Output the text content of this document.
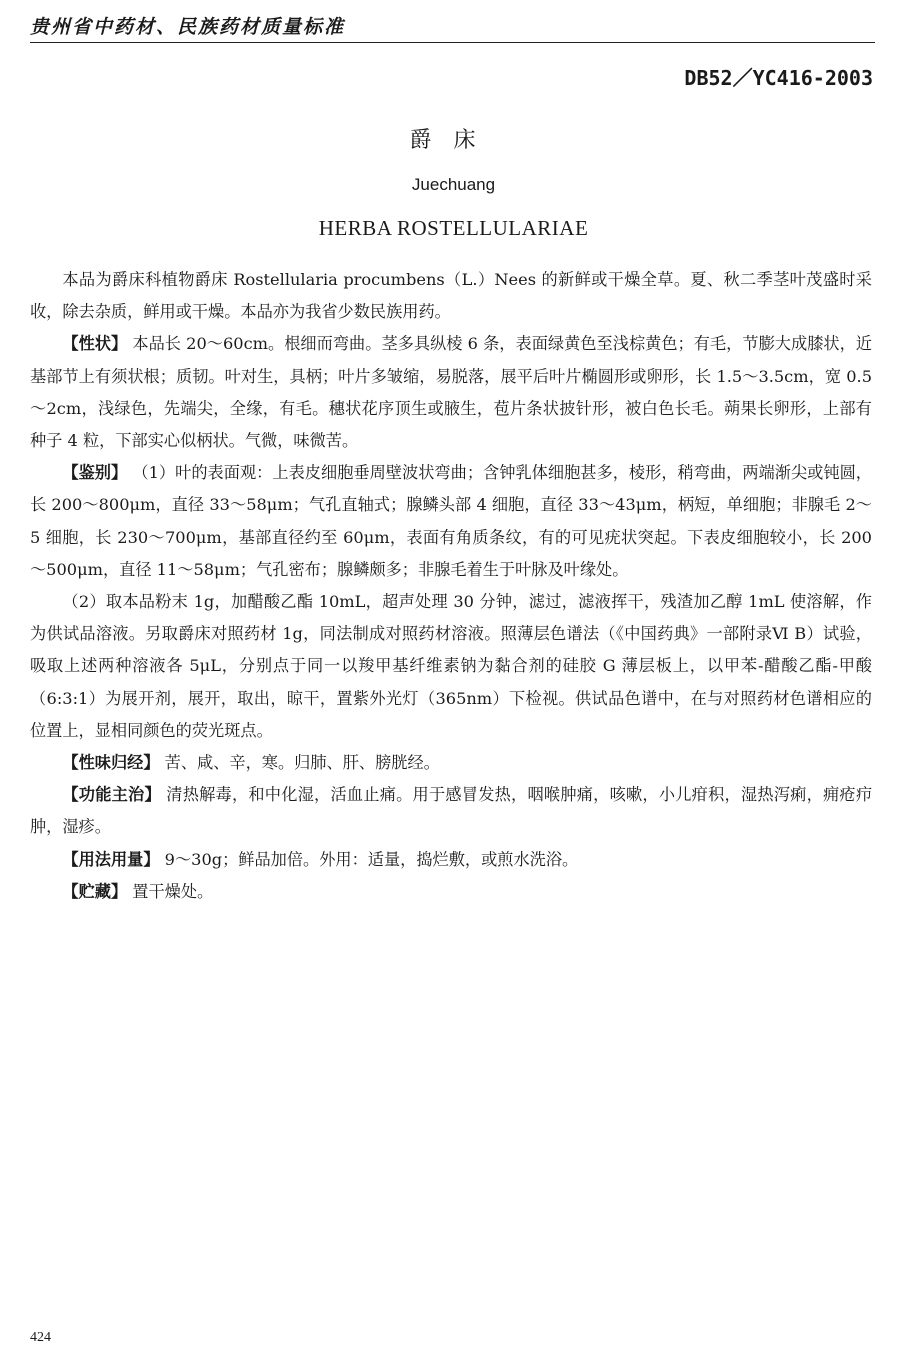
贵州省中药材、民族药材质量标准
DB52／YC416-2003
爵床
Juechuang
HERBA ROSTELLULARIAE

本品为爵床科植物爵床 Rostellularia procumbens（L.）Nees 的新鲜或干燥全草。夏、秋二季茎叶茂盛时采收，除去杂质，鲜用或干燥。本品亦为我省少数民族用药。

【性状】 本品长 20～60cm。根细而弯曲。茎多具纵棱 6 条，表面绿黄色至浅棕黄色；有毛，节膨大成膝状，近基部节上有须状根；质韧。叶对生，具柄；叶片多皱缩，易脱落，展平后叶片椭圆形或卵形，长 1.5～3.5cm，宽 0.5～2cm，浅绿色，先端尖，全缘，有毛。穗状花序顶生或腋生，苞片条状披针形，被白色长毛。蒴果长卵形，上部有种子 4 粒，下部实心似柄状。气微，味微苦。

【鉴别】 （1）叶的表面观：上表皮细胞垂周壁波状弯曲；含钟乳体细胞甚多，棱形，稍弯曲，两端渐尖或钝圆，长 200～800μm，直径 33～58μm；气孔直轴式；腺鳞头部 4 细胞，直径 33～43μm，柄短，单细胞；非腺毛 2～5 细胞，长 230～700μm，基部直径约至 60μm，表面有角质条纹，有的可见疣状突起。下表皮细胞较小，长 200～500μm，直径 11～58μm；气孔密布；腺鳞颇多；非腺毛着生于叶脉及叶缘处。

（2）取本品粉末 1g，加醋酸乙酯 10mL，超声处理 30 分钟，滤过，滤液挥干，残渣加乙醇 1mL 使溶解，作为供试品溶液。另取爵床对照药材 1g，同法制成对照药材溶液。照薄层色谱法（《中国药典》一部附录Ⅵ B）试验，吸取上述两种溶液各 5μL，分别点于同一以羧甲基纤维素钠为黏合剂的硅胶 G 薄层板上，以甲苯-醋酸乙酯-甲酸（6:3:1）为展开剂，展开，取出，晾干，置紫外光灯（365nm）下检视。供试品色谱中，在与对照药材色谱相应的位置上，显相同颜色的荧光斑点。

【性味归经】 苦、咸、辛，寒。归肺、肝、膀胱经。

【功能主治】 清热解毒，和中化湿，活血止痛。用于感冒发热，咽喉肿痛，咳嗽，小儿疳积，湿热泻痢，痈疮疖肿，湿疹。

【用法用量】 9～30g；鲜品加倍。外用：适量，捣烂敷，或煎水洗浴。

【贮藏】 置干燥处。

424
